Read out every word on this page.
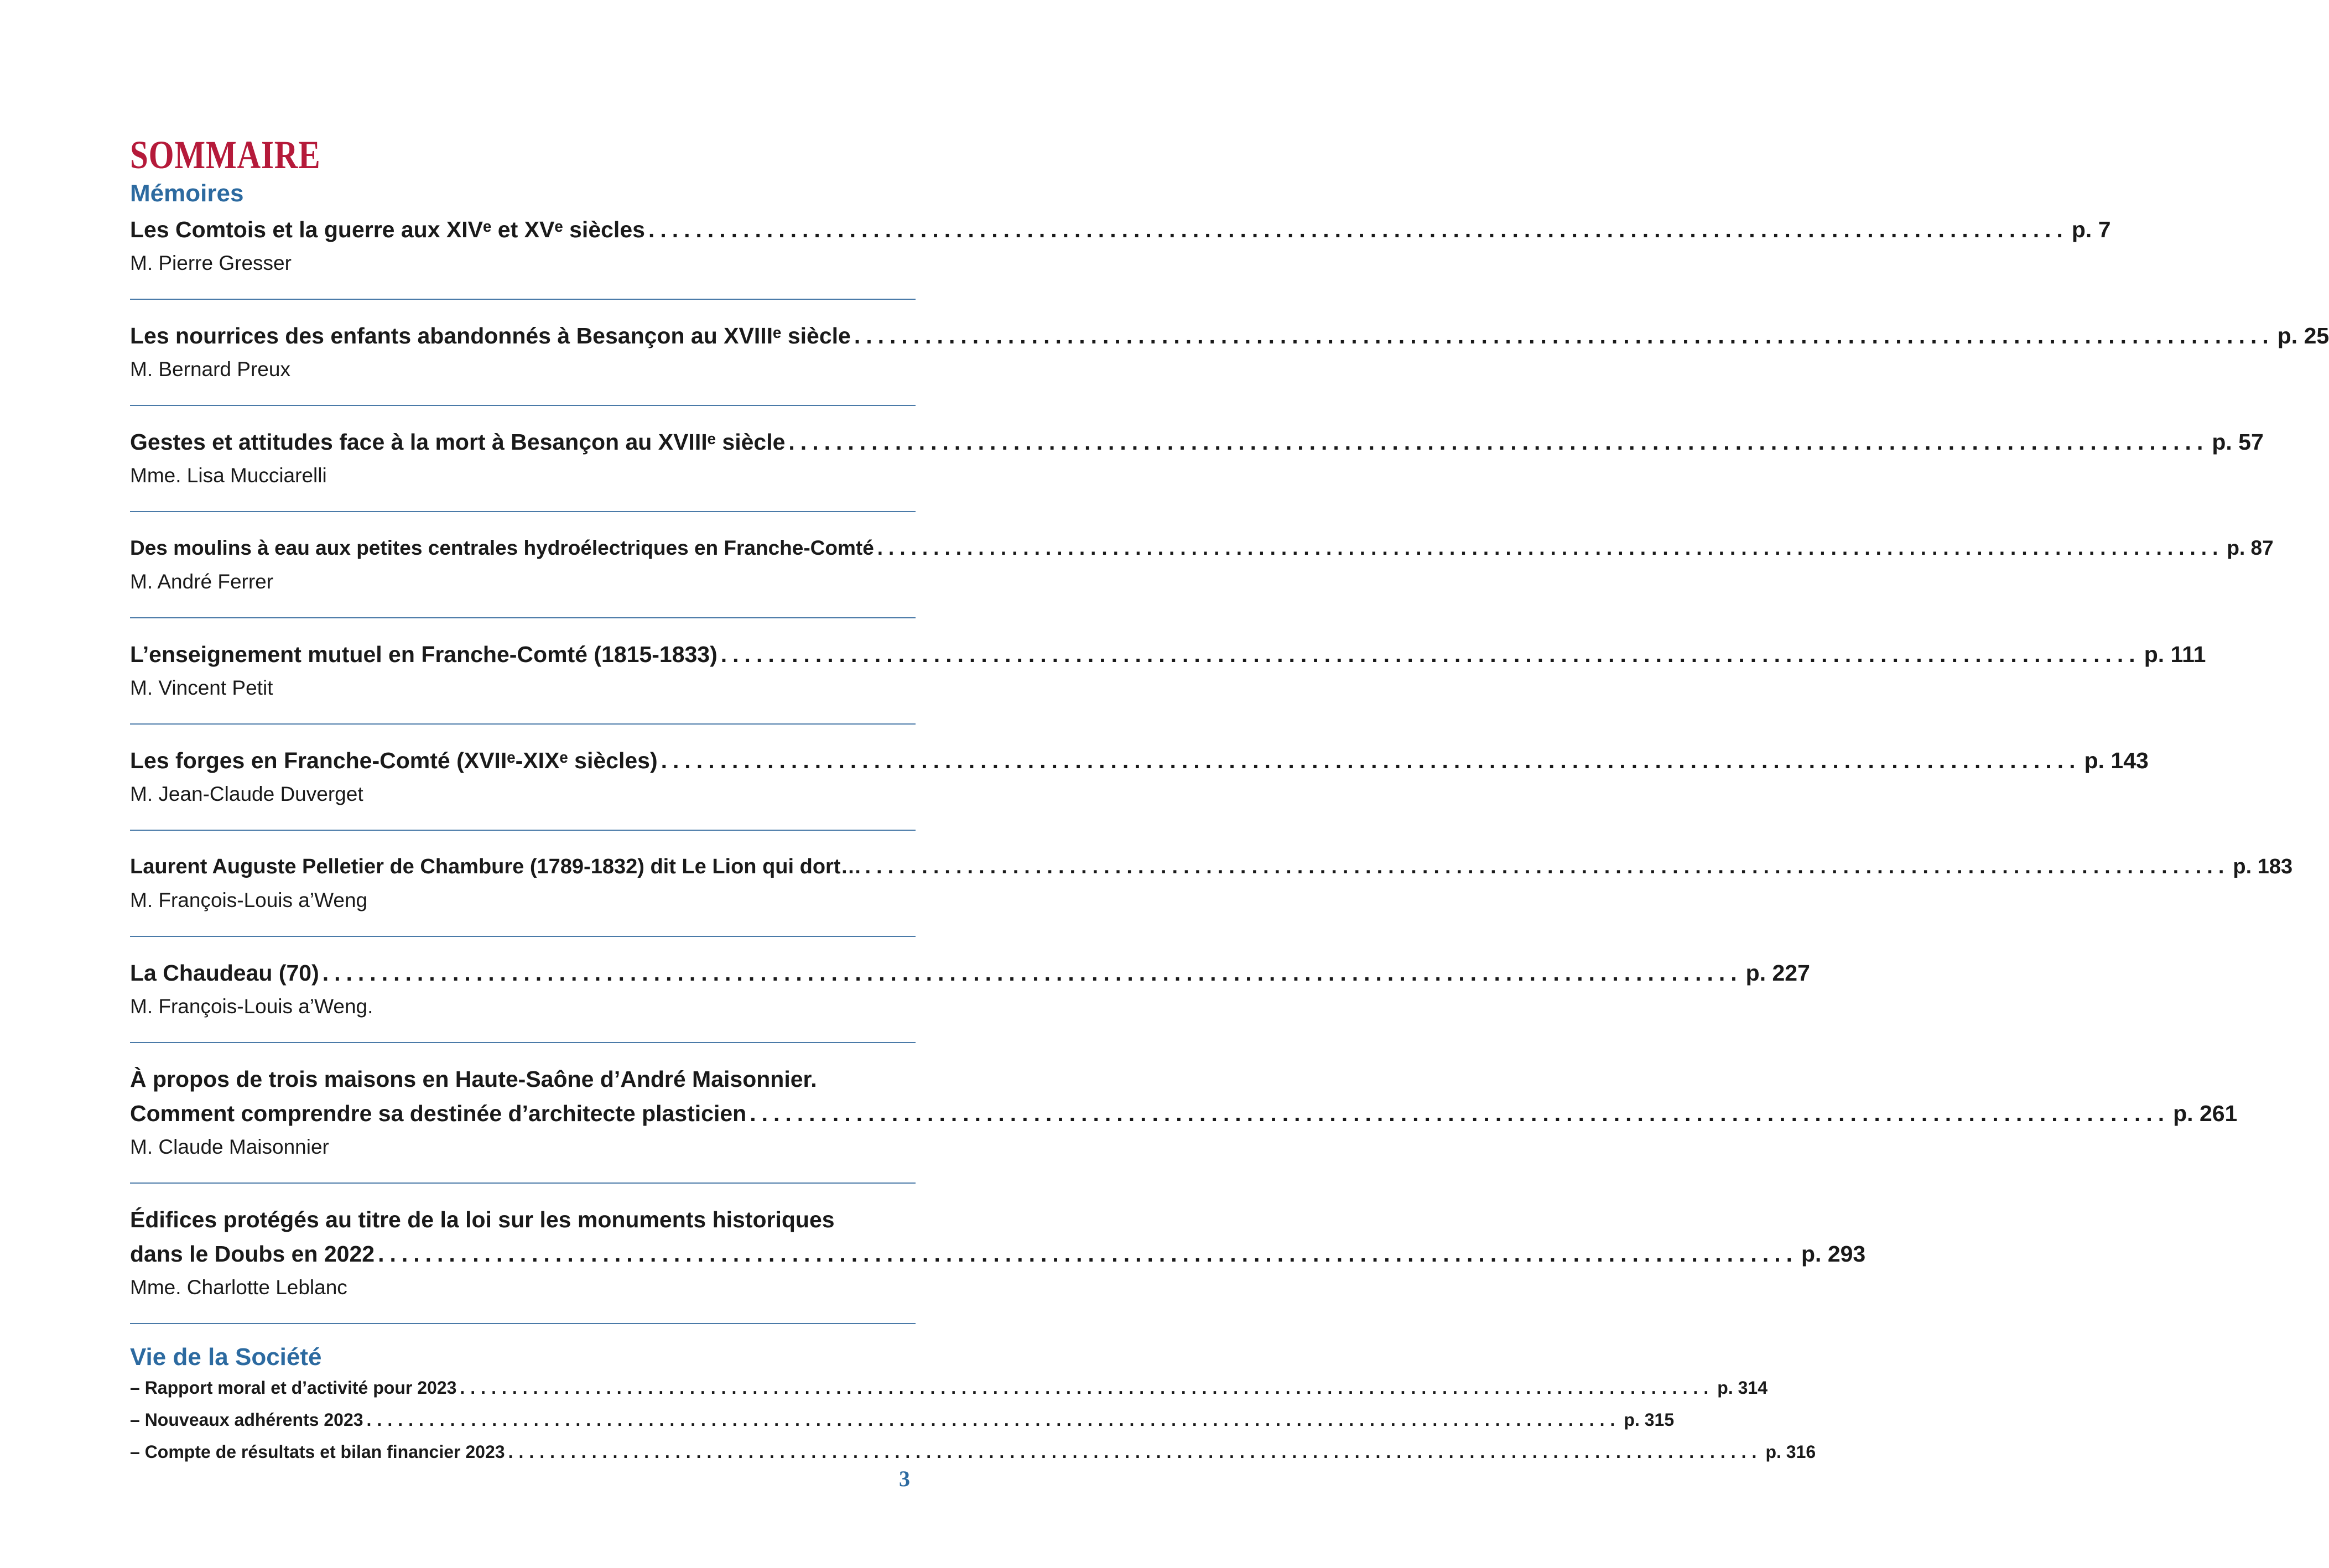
SOMMAIRE
Mémoires
Les Comtois et la guerre aux XIVᵉ et XVᵉ siècles ........................................................................................................................ p. 7
M. Pierre Gresser
Les nourrices des enfants abandonnés à Besançon au XVIIIᵉ siècle ........................................................................................................................ p. 25
M. Bernard Preux
Gestes et attitudes face à la mort à Besançon au XVIIIᵉ siècle ........................................................................................................................ p. 57
Mme. Lisa Mucciarelli
Des moulins à eau aux petites centrales hydroélectriques en Franche-Comté ........................................................................................................................ p. 87
M. André Ferrer
L’enseignement mutuel en Franche-Comté (1815-1833) ........................................................................................................................ p. 111
M. Vincent Petit
Les forges en Franche-Comté (XVIIᵉ-XIXᵉ siècles) ........................................................................................................................ p. 143
M. Jean-Claude Duverget
Laurent Auguste Pelletier de Chambure (1789-1832) dit Le Lion qui dort… ........................................................................................................................ p. 183
M. François-Louis a’Weng
La Chaudeau (70) ........................................................................................................................ p. 227
M. François-Louis a’Weng.
À propos de trois maisons en Haute-Saône d’André Maisonnier.
Comment comprendre sa destinée d’architecte plasticien ........................................................................................................................ p. 261
M. Claude Maisonnier
Édifices protégés au titre de la loi sur les monuments historiques
dans le Doubs en 2022 ........................................................................................................................ p. 293
Mme. Charlotte Leblanc
Vie de la Société
– Rapport moral et d’activité pour 2023 ........................................................................................................................ p. 314
– Nouveaux adhérents 2023 ........................................................................................................................ p. 315
– Compte de résultats et bilan financier 2023 ........................................................................................................................ p. 316
3
